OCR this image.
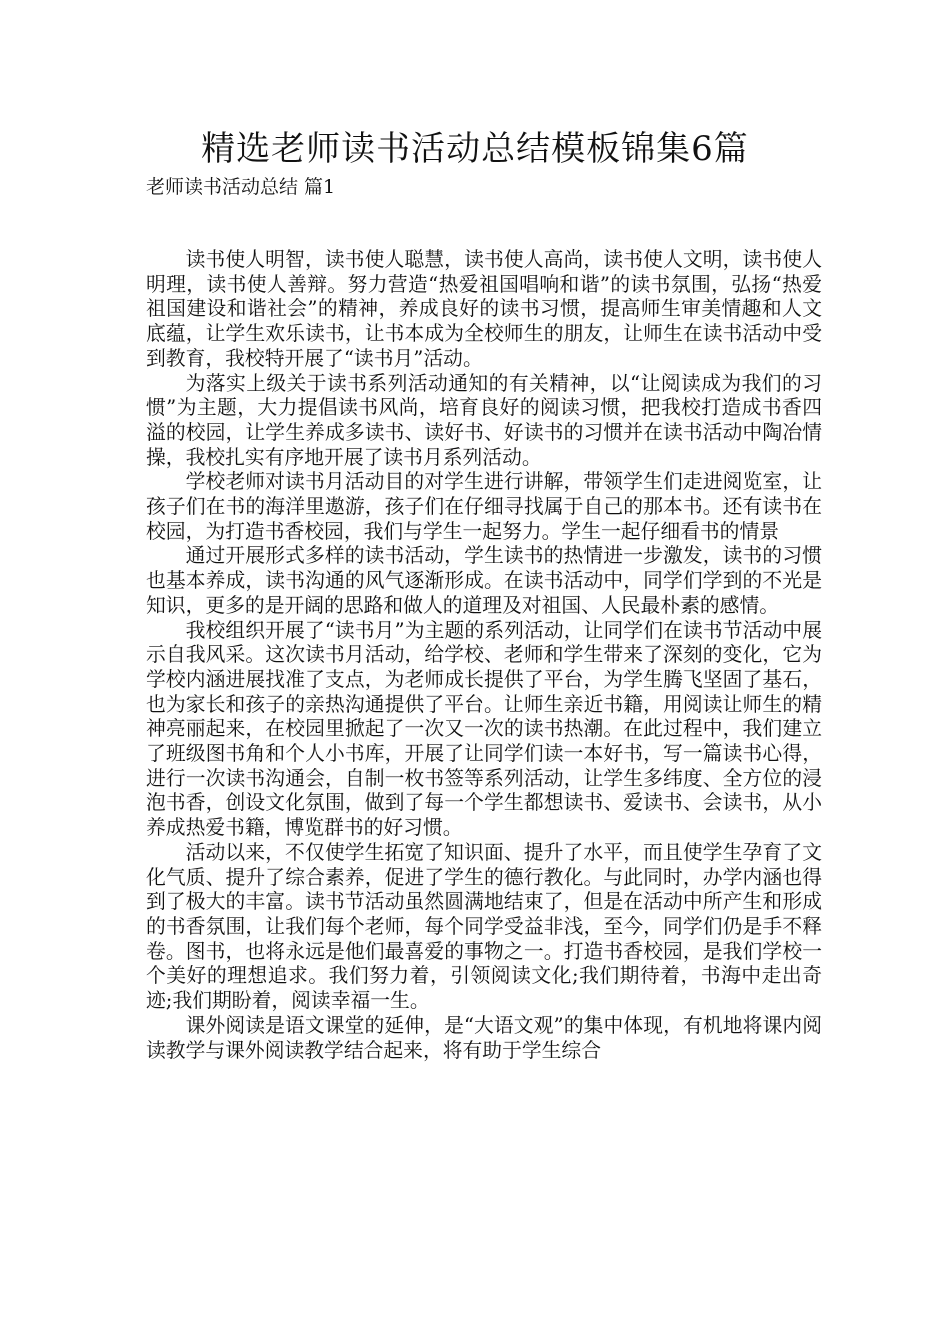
精选老师读书活动总结模板锦集6篇
老师读书活动总结 篇1

读书使人明智，读书使人聪慧，读书使人高尚，读书使人文明，读书使人明理，读书使人善辩。努力营造“热爱祖国唱响和谐”的读书氛围，弘扬“热爱祖国建设和谐社会”的精神，养成良好的读书习惯，提高师生审美情趣和人文底蕴，让学生欢乐读书，让书本成为全校师生的朋友，让师生在读书活动中受到教育，我校特开展了“读书月”活动。

为落实上级关于读书系列活动通知的有关精神，以“让阅读成为我们的习惯”为主题，大力提倡读书风尚，培育良好的阅读习惯，把我校打造成书香四溢的校园，让学生养成多读书、读好书、好读书的习惯并在读书活动中陶冶情操，我校扎实有序地开展了读书月系列活动。

学校老师对读书月活动目的对学生进行讲解，带领学生们走进阅览室，让孩子们在书的海洋里遨游，孩子们在仔细寻找属于自己的那本书。还有读书在校园，为打造书香校园，我们与学生一起努力。学生一起仔细看书的情景

通过开展形式多样的读书活动，学生读书的热情进一步激发，读书的习惯也基本养成，读书沟通的风气逐渐形成。在读书活动中，同学们学到的不光是知识，更多的是开阔的思路和做人的道理及对祖国、人民最朴素的感情。

我校组织开展了“读书月”为主题的系列活动，让同学们在读书节活动中展示自我风采。这次读书月活动，给学校、老师和学生带来了深刻的变化，它为学校内涵进展找准了支点，为老师成长提供了平台，为学生腾飞坚固了基石，也为家长和孩子的亲热沟通提供了平台。让师生亲近书籍，用阅读让师生的精神亮丽起来，在校园里掀起了一次又一次的读书热潮。在此过程中，我们建立了班级图书角和个人小书库，开展了让同学们读一本好书，写一篇读书心得，进行一次读书沟通会，自制一枚书签等系列活动，让学生多纬度、全方位的浸泡书香，创设文化氛围，做到了每一个学生都想读书、爱读书、会读书，从小养成热爱书籍，博览群书的好习惯。

活动以来，不仅使学生拓宽了知识面、提升了水平，而且使学生孕育了文化气质、提升了综合素养，促进了学生的德行教化。与此同时，办学内涵也得到了极大的丰富。读书节活动虽然圆满地结束了，但是在活动中所产生和形成的书香氛围，让我们每个老师，每个同学受益非浅，至今，同学们仍是手不释卷。图书，也将永远是他们最喜爱的事物之一。打造书香校园，是我们学校一个美好的理想追求。我们努力着，引领阅读文化;我们期待着，书海中走出奇迹;我们期盼着，阅读幸福一生。

课外阅读是语文课堂的延伸，是“大语文观”的集中体现，有机地将课内阅读教学与课外阅读教学结合起来，将有助于学生综合
